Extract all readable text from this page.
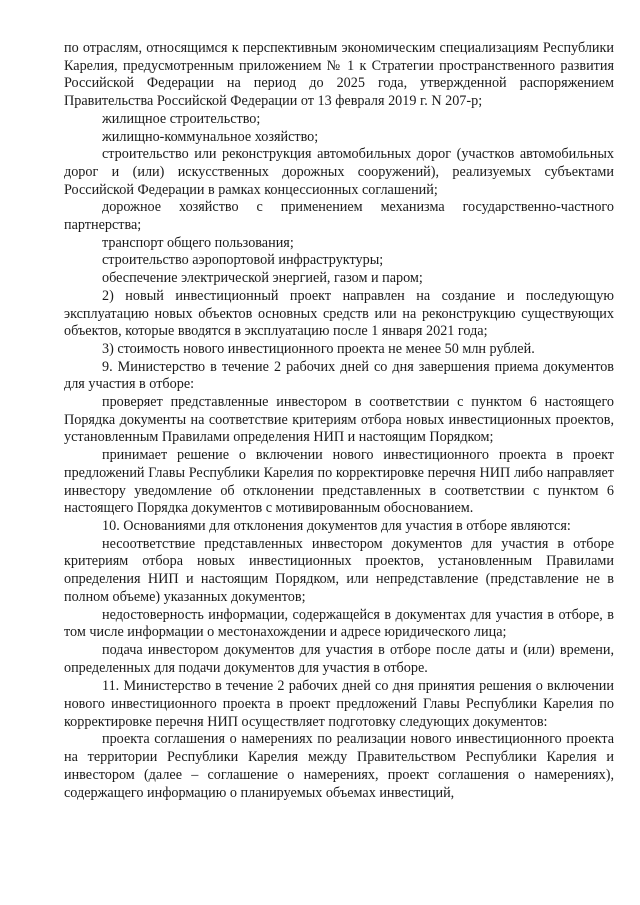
по отраслям, относящимся к перспективным экономическим специализациям Республики Карелия, предусмотренным приложением № 1 к Стратегии пространственного развития Российской Федерации на период до 2025 года, утвержденной распоряжением Правительства Российской Федерации от 13 февраля 2019 г. N 207-р;

жилищное строительство;

жилищно-коммунальное хозяйство;

строительство или реконструкция автомобильных дорог (участков автомобильных дорог и (или) искусственных дорожных сооружений), реализуемых субъектами Российской Федерации в рамках концессионных соглашений;

дорожное хозяйство с применением механизма государственно-частного партнерства;

транспорт общего пользования;

строительство аэропортовой инфраструктуры;

обеспечение электрической энергией, газом и паром;

2) новый инвестиционный проект направлен на создание и последующую эксплуатацию новых объектов основных средств или на реконструкцию существующих объектов, которые вводятся в эксплуатацию после 1 января 2021 года;

3) стоимость нового инвестиционного проекта не менее 50 млн рублей.

9. Министерство в течение 2 рабочих дней со дня завершения приема документов для участия в отборе:

проверяет представленные инвестором в соответствии с пунктом 6 настоящего Порядка документы на соответствие критериям отбора новых инвестиционных проектов, установленным Правилами определения НИП и настоящим Порядком;

принимает решение о включении нового инвестиционного проекта в проект предложений Главы Республики Карелия по корректировке перечня НИП либо направляет инвестору уведомление об отклонении представленных в соответствии с пунктом 6 настоящего Порядка документов с мотивированным обоснованием.

10. Основаниями для отклонения документов для участия в отборе являются:

несоответствие представленных инвестором документов для участия в отборе критериям отбора новых инвестиционных проектов, установленным Правилами определения НИП и настоящим Порядком, или непредставление (представление не в полном объеме) указанных документов;

недостоверность информации, содержащейся в документах для участия в отборе, в том числе информации о местонахождении и адресе юридического лица;

подача инвестором документов для участия в отборе после даты и (или) времени, определенных для подачи документов для участия в отборе.

11. Министерство в течение 2 рабочих дней со дня принятия решения о включении нового инвестиционного проекта в проект предложений Главы Республики Карелия по корректировке перечня НИП осуществляет подготовку следующих документов:

проекта соглашения о намерениях по реализации нового инвестиционного проекта на территории Республики Карелия между Правительством Республики Карелия и инвестором (далее – соглашение о намерениях, проект соглашения о намерениях), содержащего информацию о планируемых объемах инвестиций,
